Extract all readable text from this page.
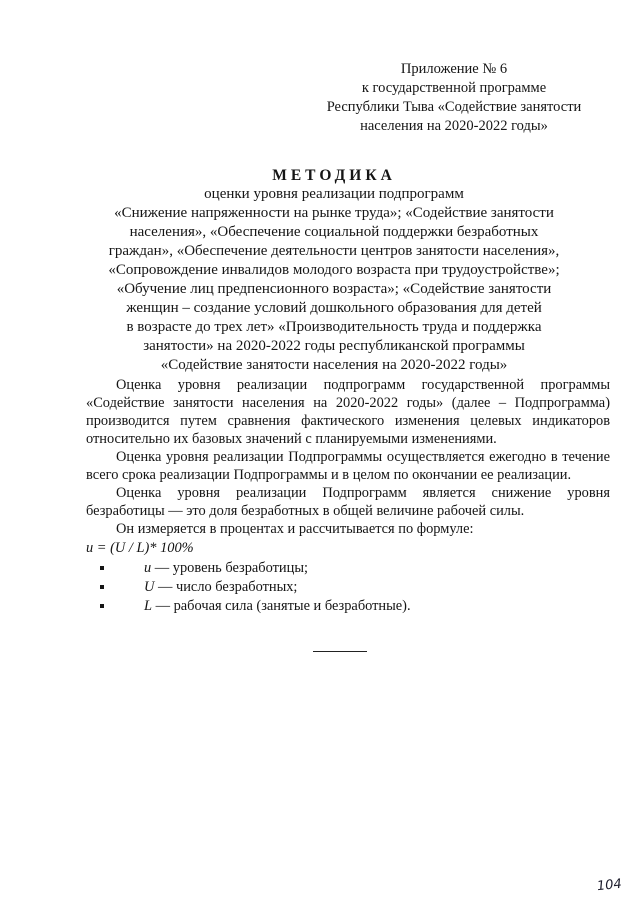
Приложение № 6
к государственной программе
Республики Тыва «Содействие занятости
населения на 2020-2022 годы»
МЕТОДИКА
оценки уровня реализации подпрограмм
«Снижение напряженности на рынке труда»; «Содействие занятости
населения», «Обеспечение социальной поддержки безработных
граждан», «Обеспечение деятельности центров занятости населения»,
«Сопровождение инвалидов молодого возраста при трудоустройстве»;
«Обучение лиц предпенсионного возраста»; «Содействие занятости
женщин – создание условий дошкольного образования для детей
в возрасте до трех лет» «Производительность труда и поддержка
занятости» на 2020-2022 годы республиканской программы
«Содействие занятости населения на 2020-2022 годы»

Оценка уровня реализации подпрограмм государственной программы «Содействие занятости населения на 2020-2022 годы» (далее – Подпрограмма) производится путем сравнения фактического изменения целевых индикаторов относительно их базовых значений с планируемыми изменениями.

Оценка уровня реализации Подпрограммы осуществляется ежегодно в течение всего срока реализации Подпрограммы и в целом по окончании ее реализации.

Оценка уровня реализации Подпрограмм является снижение уровня безработицы — это доля безработных в общей величине рабочей силы.

Он измеряется в процентах и рассчитывается по формуле:

u = (U / L)* 100%
u — уровень безработицы;
U — число безработных;
L — рабочая сила (занятые и безработные).
104
